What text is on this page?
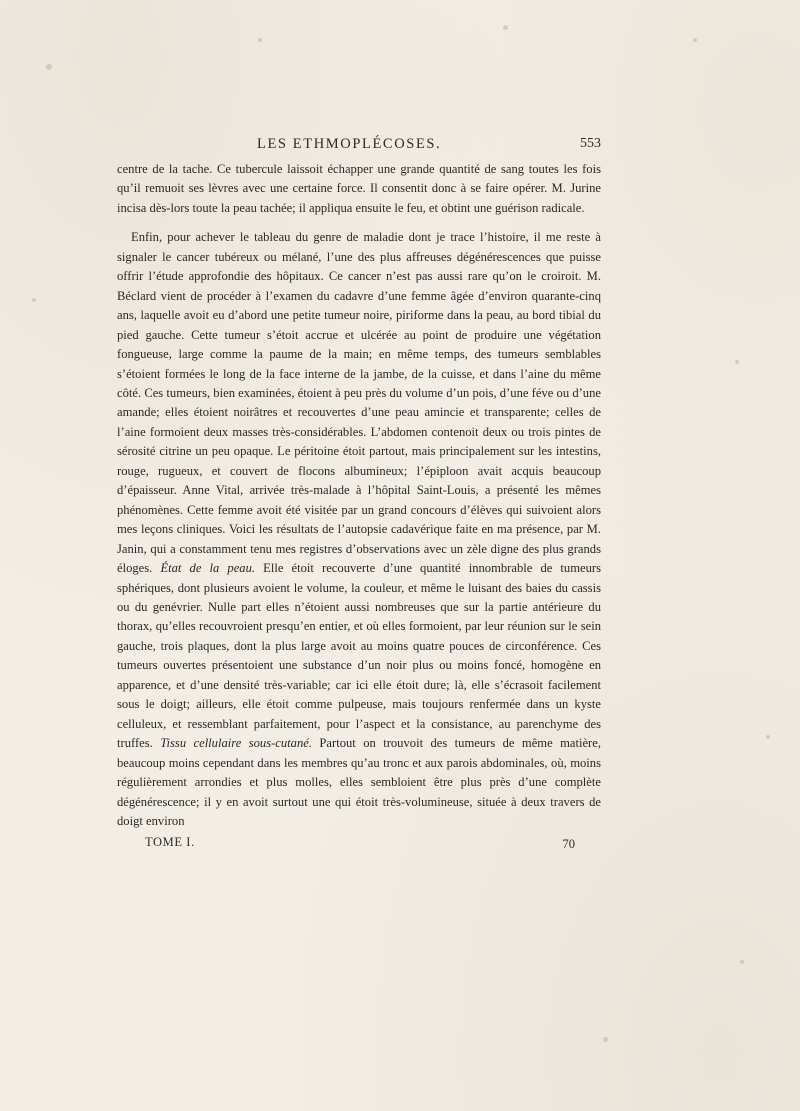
LES ETHMOPLÉCOSES.	553

centre de la tache. Ce tubercule laissoit échapper une grande quantité de sang toutes les fois qu’il remuoit ses lèvres avec une certaine force. Il consentit donc à se faire opérer. M. Jurine incisa dès-lors toute la peau tachée; il appliqua ensuite le feu, et obtint une guérison radicale.

Enfin, pour achever le tableau du genre de maladie dont je trace l’histoire, il me reste à signaler le cancer tubéreux ou mélané, l’une des plus affreuses dégénérescences que puisse offrir l’étude approfondie des hôpitaux. Ce cancer n’est pas aussi rare qu’on le croiroit. M. Béclard vient de procéder à l’examen du cadavre d’une femme âgée d’environ quarante-cinq ans, laquelle avoit eu d’abord une petite tumeur noire, piriforme dans la peau, au bord tibial du pied gauche. Cette tumeur s’étoit accrue et ulcérée au point de produire une végétation fongueuse, large comme la paume de la main; en même temps, des tumeurs semblables s’étoient formées le long de la face interne de la jambe, de la cuisse, et dans l’aine du même côté. Ces tumeurs, bien examinées, étoient à peu près du volume d’un pois, d’une féve ou d’une amande; elles étoient noirâtres et recouvertes d’une peau amincie et transparente; celles de l’aine formoient deux masses très-considérables. L’abdomen contenoit deux ou trois pintes de sérosité citrine un peu opaque. Le péritoine étoit partout, mais principalement sur les intestins, rouge, rugueux, et couvert de flocons albumineux; l’épiploon avait acquis beaucoup d’épaisseur. Anne Vital, arrivée très-malade à l’hôpital Saint-Louis, a présenté les mêmes phénomènes. Cette femme avoit été visitée par un grand concours d’élèves qui suivoient alors mes leçons cliniques. Voici les résultats de l’autopsie cadavérique faite en ma présence, par M. Janin, qui a constamment tenu mes registres d’observations avec un zèle digne des plus grands éloges. État de la peau. Elle étoit recouverte d’une quantité innombrable de tumeurs sphériques, dont plusieurs avoient le volume, la couleur, et même le luisant des baies du cassis ou du genévrier. Nulle part elles n’étoient aussi nombreuses que sur la partie antérieure du thorax, qu’elles recouvroient presqu’en entier, et où elles formoient, par leur réunion sur le sein gauche, trois plaques, dont la plus large avoit au moins quatre pouces de circonférence. Ces tumeurs ouvertes présentoient une substance d’un noir plus ou moins foncé, homogène en apparence, et d’une densité très-variable; car ici elle étoit dure; là, elle s’écrasoit facilement sous le doigt; ailleurs, elle étoit comme pulpeuse, mais toujours renfermée dans un kyste celluleux, et ressemblant parfaitement, pour l’aspect et la consistance, au parenchyme des truffes. Tissu cellulaire sous-cutané. Partout on trouvoit des tumeurs de même matière, beaucoup moins cependant dans les membres qu’au tronc et aux parois abdominales, où, moins régulièrement arrondies et plus molles, elles sembloient être plus près d’une complète dégénérescence; il y en avoit surtout une qui étoit très-volumineuse, située à deux travers de doigt environ

TOME I.	70
